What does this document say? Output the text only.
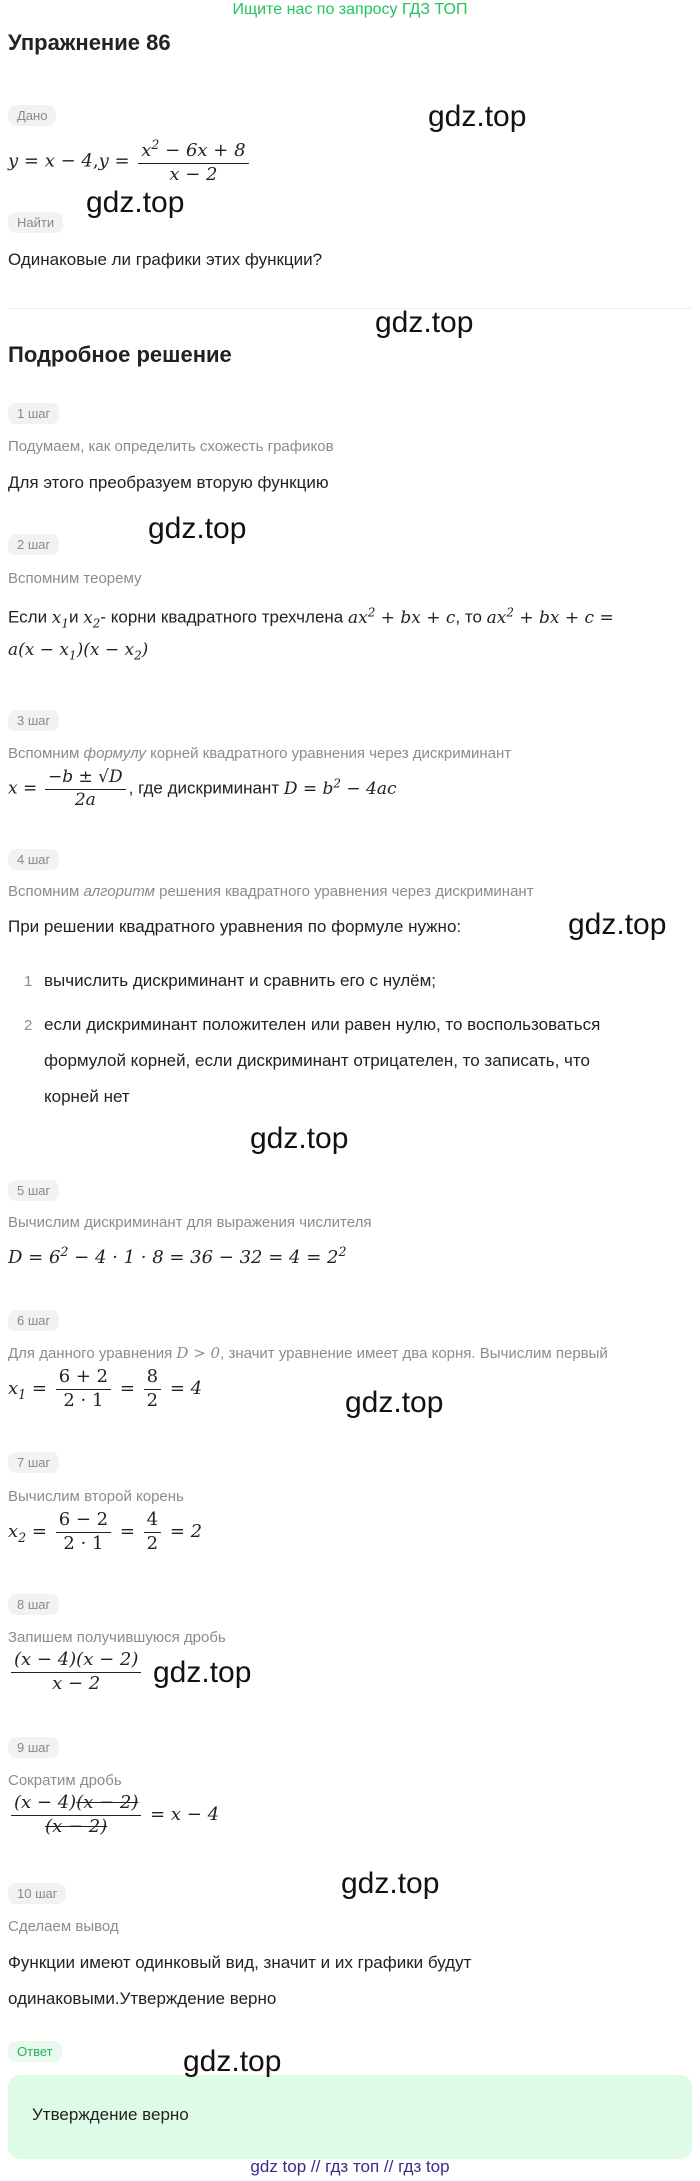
Ищите нас по запросу ГДЗ ТОП
Упражнение 86
Дано
$y = x - 4,y = \frac{x^2 - 6x + 8}{x - 2}$
Найти
Одинаковые ли графики этих функции?
Подробное решение
1 шаг
Подумаем, как определить схожесть графиков
Для этого преобразуем вторую функцию
2 шаг
Вспомним теорему
Если $x_1и$ $x_2-$ корни квадратного трехчлена $ax^2$ + bx + c, то $ax^2$ + bx + c =
$a(x - x_1)(x - x_2)$
3 шаг
Вспомним формулу корней квадратного уравнения через дискриминант
$x = \frac{-b \pm √D}{2a}$ , где дискриминант $D = b^2 - 4ac$
4 шаг
Вспомним алгоритм решения квадратного уравнения через дискриминант
При решении квадратного уравнения по формуле нужно:
1 вычислить дискриминант и сравнить его с нулём;
2 если дискриминант положителен или равен нулю, то воспользоваться
формулой корней, если дискриминант отрицателен, то записать, что
корней нет
5 шаг
Вычислим дискриминант для выражения числителя
$D = 6^2 - 4 \cdot 1 \cdot 8 = 36 - 32 = 4 = 2^2$
6 шаг
Для данного уравнения D > 0, значит уравнение имеет два корня. Вычислим первый
$x_1 = \frac{6 + 2}{2 \cdot 1} = \frac{8}{2} = 4$
7 шаг
Вычислим второй корень
$x_2 = \frac{6 - 2}{2 \cdot 1} = \frac{4}{2} = 2$
8 шаг
Запишем получившуюся дробь
$\frac{(x - 4)(x - 2)}{x - 2}$
9 шаг
Сократим дробь
$\frac{(x - 4)(x - 2)}{(x - 2)} = x - 4$
10 шаг
Сделаем вывод
Функции имеют одинковый вид, значит и их графики будут
одинаковыми.Утверждение верно
Ответ
Утверждение верно
gdz.top
gdz.top
gdz.top
gdz.top
gdz.top
gdz.top
gdz.top
gdz.top
gdz.top
gdz.top
gdz top // гдз топ // гдз top
